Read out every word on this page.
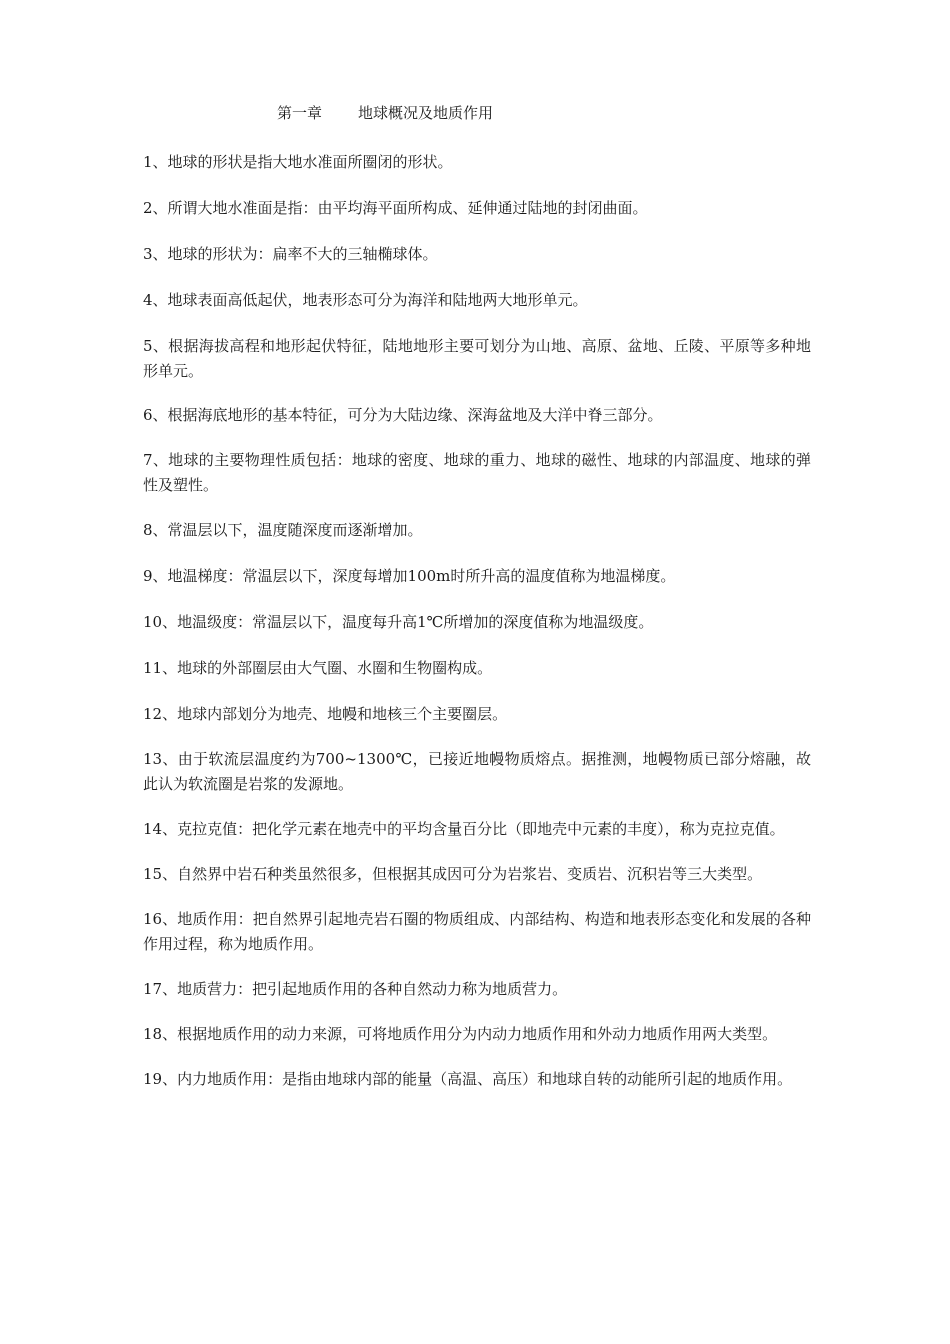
第一章 地球概况及地质作用

1、地球的形状是指大地水准面所圈闭的形状。

2、所谓大地水准面是指：由平均海平面所构成、延伸通过陆地的封闭曲面。

3、地球的形状为：扁率不大的三轴椭球体。

4、地球表面高低起伏，地表形态可分为海洋和陆地两大地形单元。

5、根据海拔高程和地形起伏特征，陆地地形主要可划分为山地、高原、盆地、丘陵、平原等多种地形单元。

6、根据海底地形的基本特征，可分为大陆边缘、深海盆地及大洋中脊三部分。

7、地球的主要物理性质包括：地球的密度、地球的重力、地球的磁性、地球的内部温度、地球的弹性及塑性。

8、常温层以下，温度随深度而逐渐增加。

9、地温梯度：常温层以下，深度每增加100m时所升高的温度值称为地温梯度。

10、地温级度：常温层以下，温度每升高1℃所增加的深度值称为地温级度。

11、地球的外部圈层由大气圈、水圈和生物圈构成。

12、地球内部划分为地壳、地幔和地核三个主要圈层。

13、由于软流层温度约为700~1300℃，已接近地幔物质熔点。据推测，地幔物质已部分熔融，故此认为软流圈是岩浆的发源地。

14、克拉克值：把化学元素在地壳中的平均含量百分比（即地壳中元素的丰度），称为克拉克值。

15、自然界中岩石种类虽然很多，但根据其成因可分为岩浆岩、变质岩、沉积岩等三大类型。

16、地质作用：把自然界引起地壳岩石圈的物质组成、内部结构、构造和地表形态变化和发展的各种作用过程，称为地质作用。

17、地质营力：把引起地质作用的各种自然动力称为地质营力。

18、根据地质作用的动力来源，可将地质作用分为内动力地质作用和外动力地质作用两大类型。

19、内力地质作用：是指由地球内部的能量（高温、高压）和地球自转的动能所引起的地质作用。
